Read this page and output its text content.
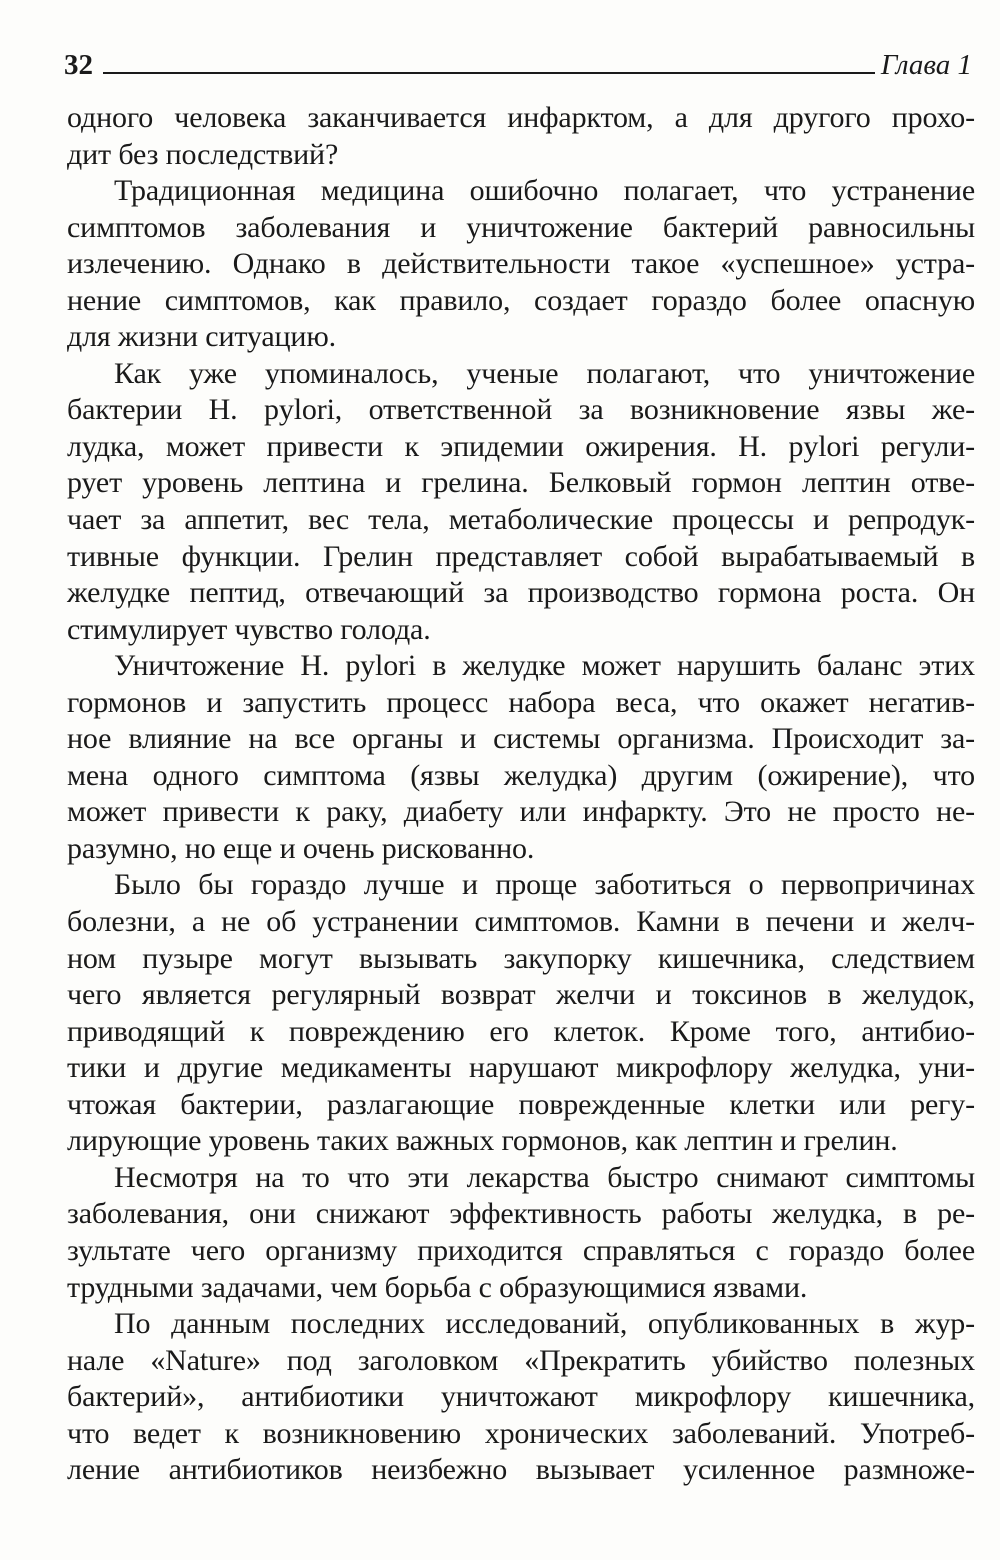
32	Глава 1
одного человека заканчивается инфарктом, а для другого прохо-
дит без последствий?
Традиционная медицина ошибочно полагает, что устранение
симптомов заболевания и уничтожение бактерий равносильны
излечению. Однако в действительности такое «успешное» устра-
нение симптомов, как правило, создает гораздо более опасную
для жизни ситуацию.
Как уже упоминалось, ученые полагают, что уничтожение
бактерии H. pylori, ответственной за возникновение язвы же-
лудка, может привести к эпидемии ожирения. H. pylori регули-
рует уровень лептина и грелина. Белковый гормон лептин отве-
чает за аппетит, вес тела, метаболические процессы и репродук-
тивные функции. Грелин представляет собой вырабатываемый в
желудке пептид, отвечающий за производство гормона роста. Он
стимулирует чувство голода.
Уничтожение H. pylori в желудке может нарушить баланс этих
гормонов и запустить процесс набора веса, что окажет негатив-
ное влияние на все органы и системы организма. Происходит за-
мена одного симптома (язвы желудка) другим (ожирение), что
может привести к раку, диабету или инфаркту. Это не просто не-
разумно, но еще и очень рискованно.
Было бы гораздо лучше и проще заботиться о первопричинах
болезни, а не об устранении симптомов. Камни в печени и желч-
ном пузыре могут вызывать закупорку кишечника, следствием
чего является регулярный возврат желчи и токсинов в желудок,
приводящий к повреждению его клеток. Кроме того, антибио-
тики и другие медикаменты нарушают микрофлору желудка, уни-
чтожая бактерии, разлагающие поврежденные клетки или регу-
лирующие уровень таких важных гормонов, как лептин и грелин.
Несмотря на то что эти лекарства быстро снимают симптомы
заболевания, они снижают эффективность работы желудка, в ре-
зультате чего организму приходится справляться с гораздо более
трудными задачами, чем борьба с образующимися язвами.
По данным последних исследований, опубликованных в жур-
нале «Nature» под заголовком «Прекратить убийство полезных
бактерий», антибиотики уничтожают микрофлору кишечника,
что ведет к возникновению хронических заболеваний. Употреб-
ление антибиотиков неизбежно вызывает усиленное размноже-
